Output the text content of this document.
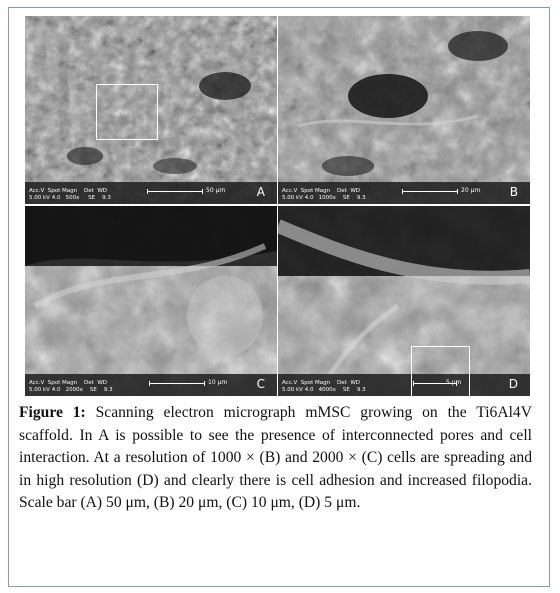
Acc.V  Spot Magn    Det  WD
5.00 kV 4.0   500x     SE    9.3
50 μm	A	Acc.V  Spot Magn    Det  WD
5.00 kV 4.0   1000x    SE    9.3
20 μm B
Acc.V  Spot Magn    Det  WD
5.00 kV 4.0   2000x    SE    9.3
10 μm C	Acc.V  Spot Magn    Det  WD
5.00 kV 4.0   4000x    SE    9.3
5 μm	D
Figure 1: Scanning electron micrograph mMSC growing on the Ti6Al4V scaffold. In A is possible to see the presence of interconnected pores and cell interaction. At a resolution of 1000 × (B) and 2000 × (C) cells are spreading and in high resolution (D) and clearly there is cell adhesion and increased filopodia. Scale bar (A) 50 μm, (B) 20 μm, (C) 10 μm, (D) 5 μm.
